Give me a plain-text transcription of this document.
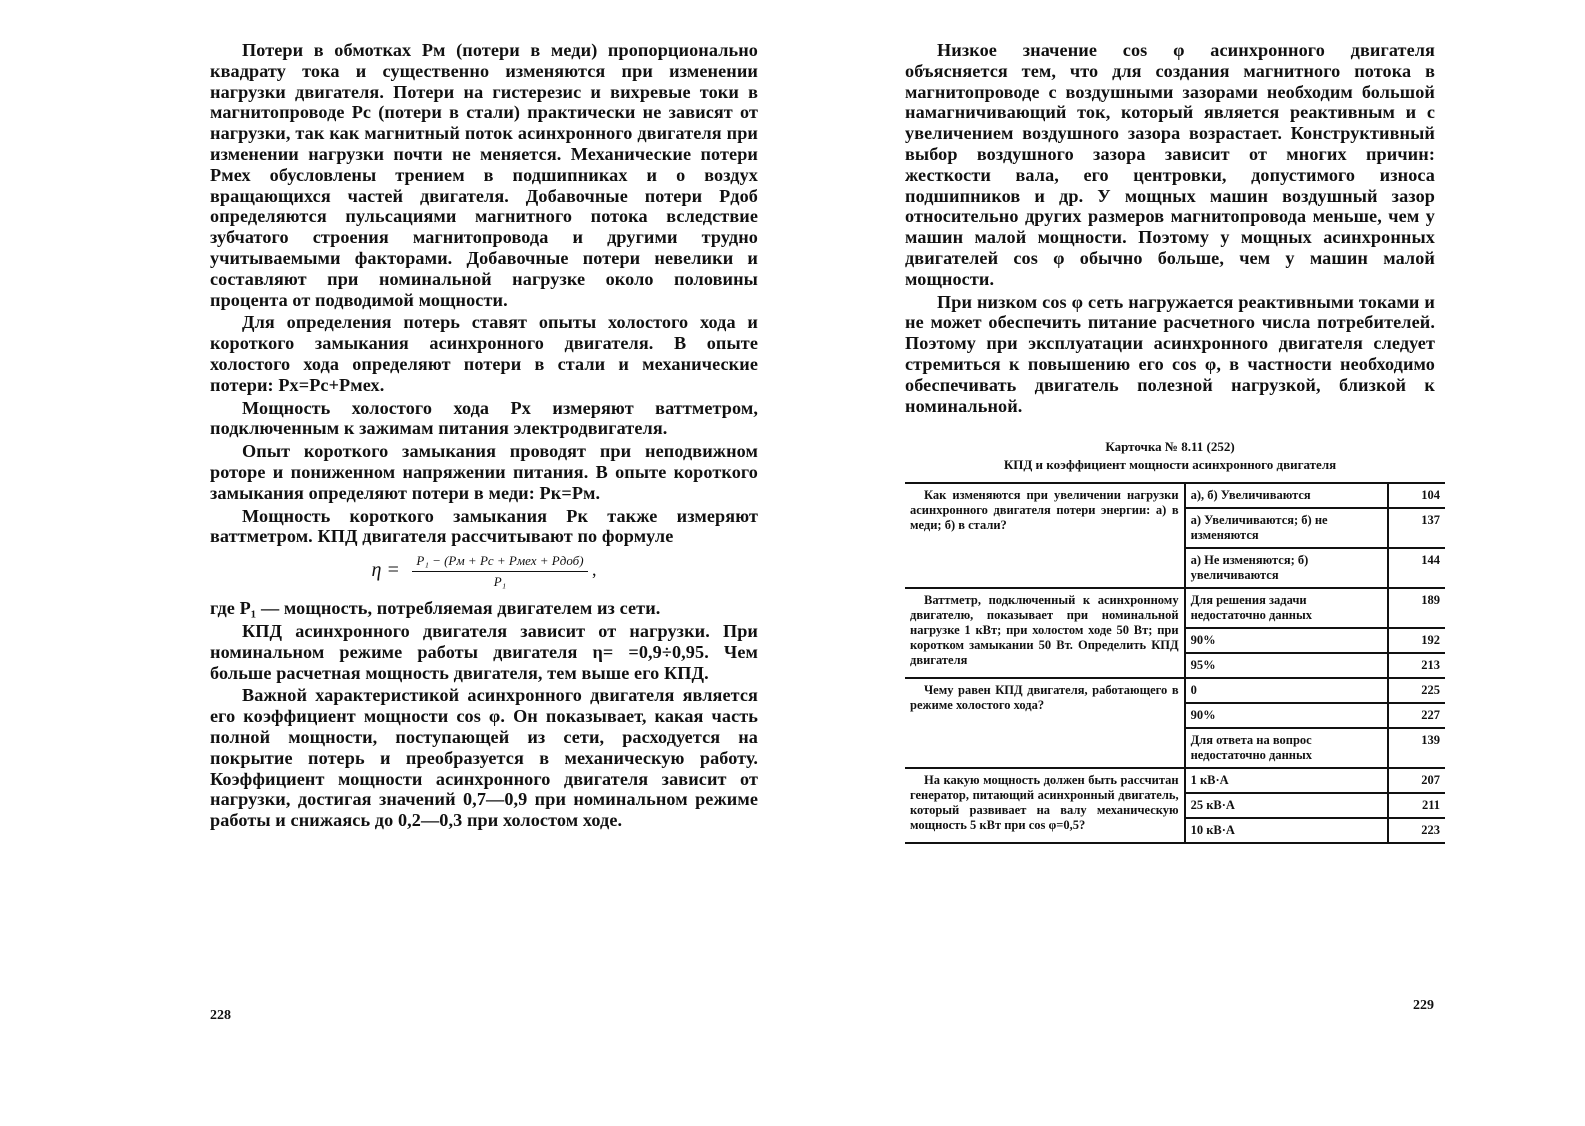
Потери в обмотках Pм (потери в меди) пропорционально квадрату тока и существенно изменяются при изменении нагрузки двигателя. Потери на гистерезис и вихревые токи в магнитопроводе Pс (потери в стали) практически не зависят от нагрузки, так как магнитный поток асинхронного двигателя при изменении нагрузки почти не меняется. Механические потери Pмех обусловлены трением в подшипниках и о воздух вращающихся частей двигателя. Добавочные потери Pдоб определяются пульсациями магнитного потока вследствие зубчатого строения магнитопровода и другими трудно учитываемыми факторами. Добавочные потери невелики и составляют при номинальной нагрузке около половины процента от подводимой мощности.

Для определения потерь ставят опыты холостого хода и короткого замыкания асинхронного двигателя. В опыте холостого хода определяют потери в стали и механические потери: Pх=Pс+Pмех.

Мощность холостого хода Pх измеряют ваттметром, подключенным к зажимам питания электродвигателя.

Опыт короткого замыкания проводят при неподвижном роторе и пониженном напряжении питания. В опыте короткого замыкания определяют потери в меди: Pк=Pм.

Мощность короткого замыкания Pк также измеряют ваттметром. КПД двигателя рассчитывают по формуле

$\eta = \frac{\text{P₁ − (Pм + Pс + Pмех + Pдоб)}}{\text{P₁}}$ ,

где P₁ — мощность, потребляемая двигателем из сети.

КПД асинхронного двигателя зависит от нагрузки. При номинальном режиме работы двигателя η= =0,9÷0,95. Чем больше расчетная мощность двигателя, тем выше его КПД.

Важной характеристикой асинхронного двигателя является его коэффициент мощности cos φ. Он показывает, какая часть полной мощности, поступающей из сети, расходуется на покрытие потерь и преобразуется в механическую работу. Коэффициент мощности асинхронного двигателя зависит от нагрузки, достигая значений 0,7—0,9 при номинальном режиме работы и снижаясь до 0,2—0,3 при холостом ходе.

228

Низкое значение cos φ асинхронного двигателя объясняется тем, что для создания магнитного потока в магнитопроводе с воздушными зазорами необходим большой намагничивающий ток, который является реактивным и с увеличением воздушного зазора возрастает. Конструктивный выбор воздушного зазора зависит от многих причин: жесткости вала, его центровки, допустимого износа подшипников и др. У мощных машин воздушный зазор относительно других размеров магнитопровода меньше, чем у машин малой мощности. Поэтому у мощных асинхронных двигателей cos φ обычно больше, чем у машин малой мощности.

При низком cos φ сеть нагружается реактивными токами и не может обеспечить питание расчетного числа потребителей. Поэтому при эксплуатации асинхронного двигателя следует стремиться к повышению его cos φ, в частности необходимо обеспечивать двигатель полезной нагрузкой, близкой к номинальной.

Карточка № 8.11 (252)
КПД и коэффициент мощности асинхронного двигателя
Как изменяются при увеличении нагрузки асинхронного двигателя потери энергии: а) в меди; б) в стали?	а), б) Увеличиваются	104
	а) Увеличиваются; б) не изменяются	137
	а) Не изменяются; б) увеличиваются	144
Ваттметр, подключенный к асинхронному двигателю, показывает при номинальной нагрузке 1 кВт; при холостом ходе 50 Вт; при коротком замыкании 50 Вт. Определить КПД двигателя	Для решения задачи недостаточно данных	189
	90%	192
	95%	213
Чему равен КПД двигателя, работающего в режиме холостого хода?	0	225
	90%	227
	Для ответа на вопрос недостаточно данных	139
На какую мощность должен быть рассчитан генератор, питающий асинхронный двигатель, который развивает на валу механическую мощность 5 кВт при cos φ=0,5?	1 кВ·А	207
	25 кВ·А	211
	10 кВ·А	223
229
